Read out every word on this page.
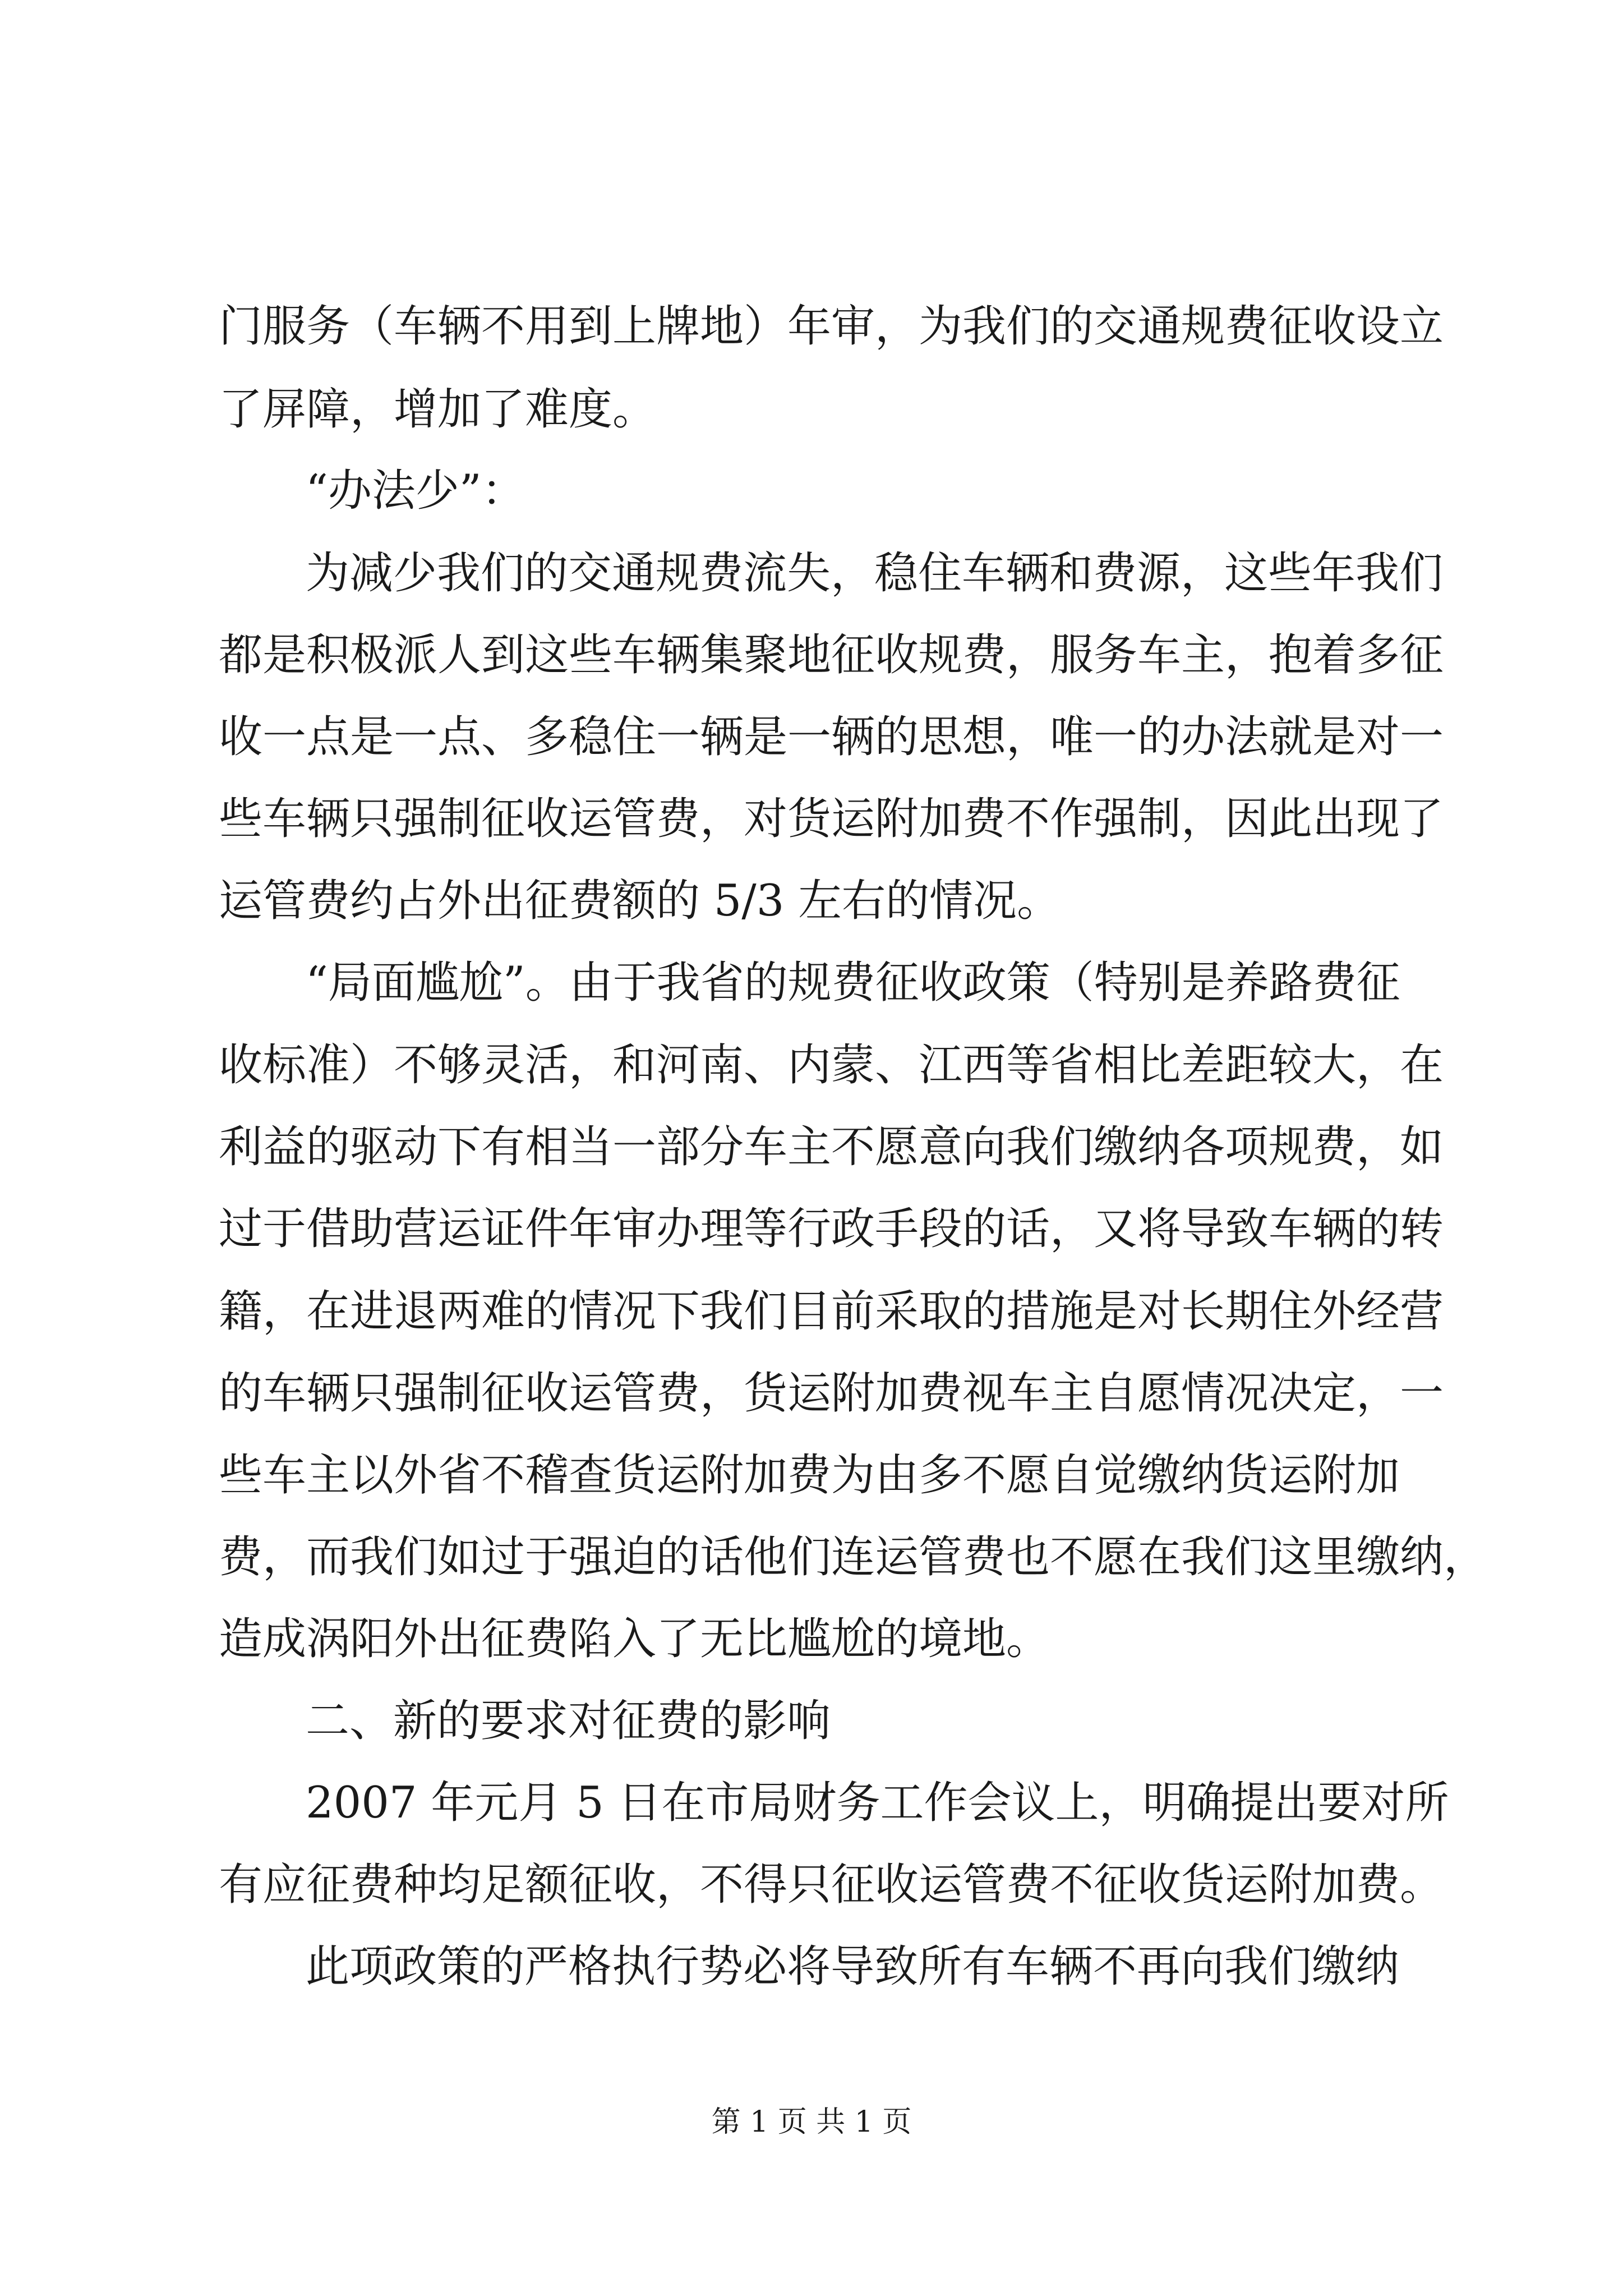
门服务（车辆不用到上牌地）年审，为我们的交通规费征收设立
了屏障，增加了难度。
“办法少”：
为减少我们的交通规费流失，稳住车辆和费源，这些年我们
都是积极派人到这些车辆集聚地征收规费，服务车主，抱着多征
收一点是一点、多稳住一辆是一辆的思想，唯一的办法就是对一
些车辆只强制征收运管费，对货运附加费不作强制，因此出现了
运管费约占外出征费额的 5/3 左右的情况。
“局面尴尬”。由于我省的规费征收政策（特别是养路费征
收标准）不够灵活，和河南、内蒙、江西等省相比差距较大，在
利益的驱动下有相当一部分车主不愿意向我们缴纳各项规费，如
过于借助营运证件年审办理等行政手段的话，又将导致车辆的转
籍，在进退两难的情况下我们目前采取的措施是对长期住外经营
的车辆只强制征收运管费，货运附加费视车主自愿情况决定，一
些车主以外省不稽查货运附加费为由多不愿自觉缴纳货运附加
费，而我们如过于强迫的话他们连运管费也不愿在我们这里缴纳，
造成涡阳外出征费陷入了无比尴尬的境地。
二、新的要求对征费的影响
2007 年元月 5 日在市局财务工作会议上，明确提出要对所
有应征费种均足额征收，不得只征收运管费不征收货运附加费。
此项政策的严格执行势必将导致所有车辆不再向我们缴纳
第 1 页 共 1 页
